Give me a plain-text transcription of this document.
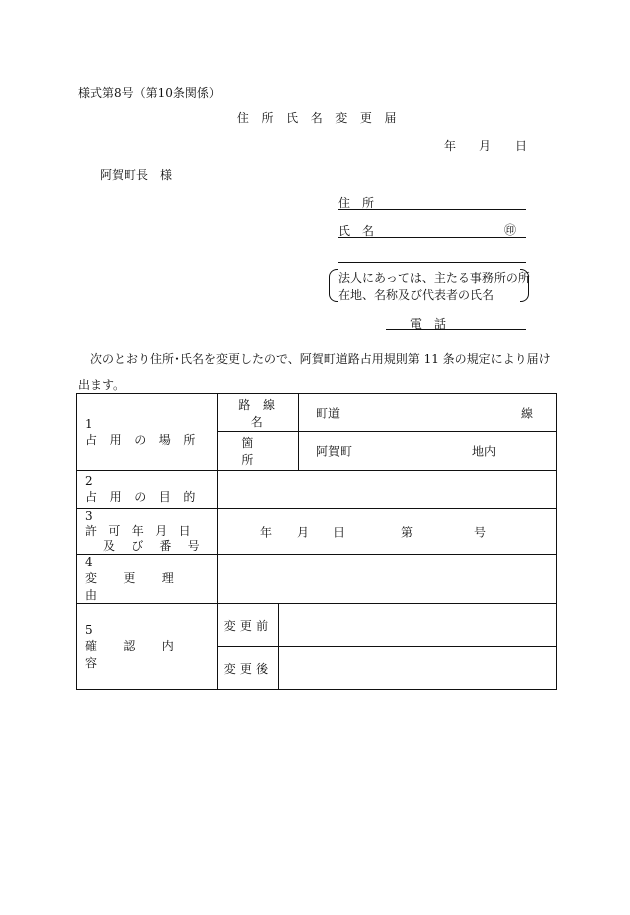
様式第8号（第10条関係）
住所氏名変更届
年 月 日
阿賀町長　様
住　所
氏　名	㊞
法人にあっては、主たる事務所の所
在地、名称及び代表者の氏名
電　話
次のとおり住所･氏名を変更したので、阿賀町道路占用規則第 11 条の規定により届け出ます。
1占用の場所	路線名		町道 線

	箇所		阿賀町 地内

2占用の目的			

3許可年月日
及び番号	年 月 日 第 号		

4変更理由			
5確認内容	変更前		
	変更後		
